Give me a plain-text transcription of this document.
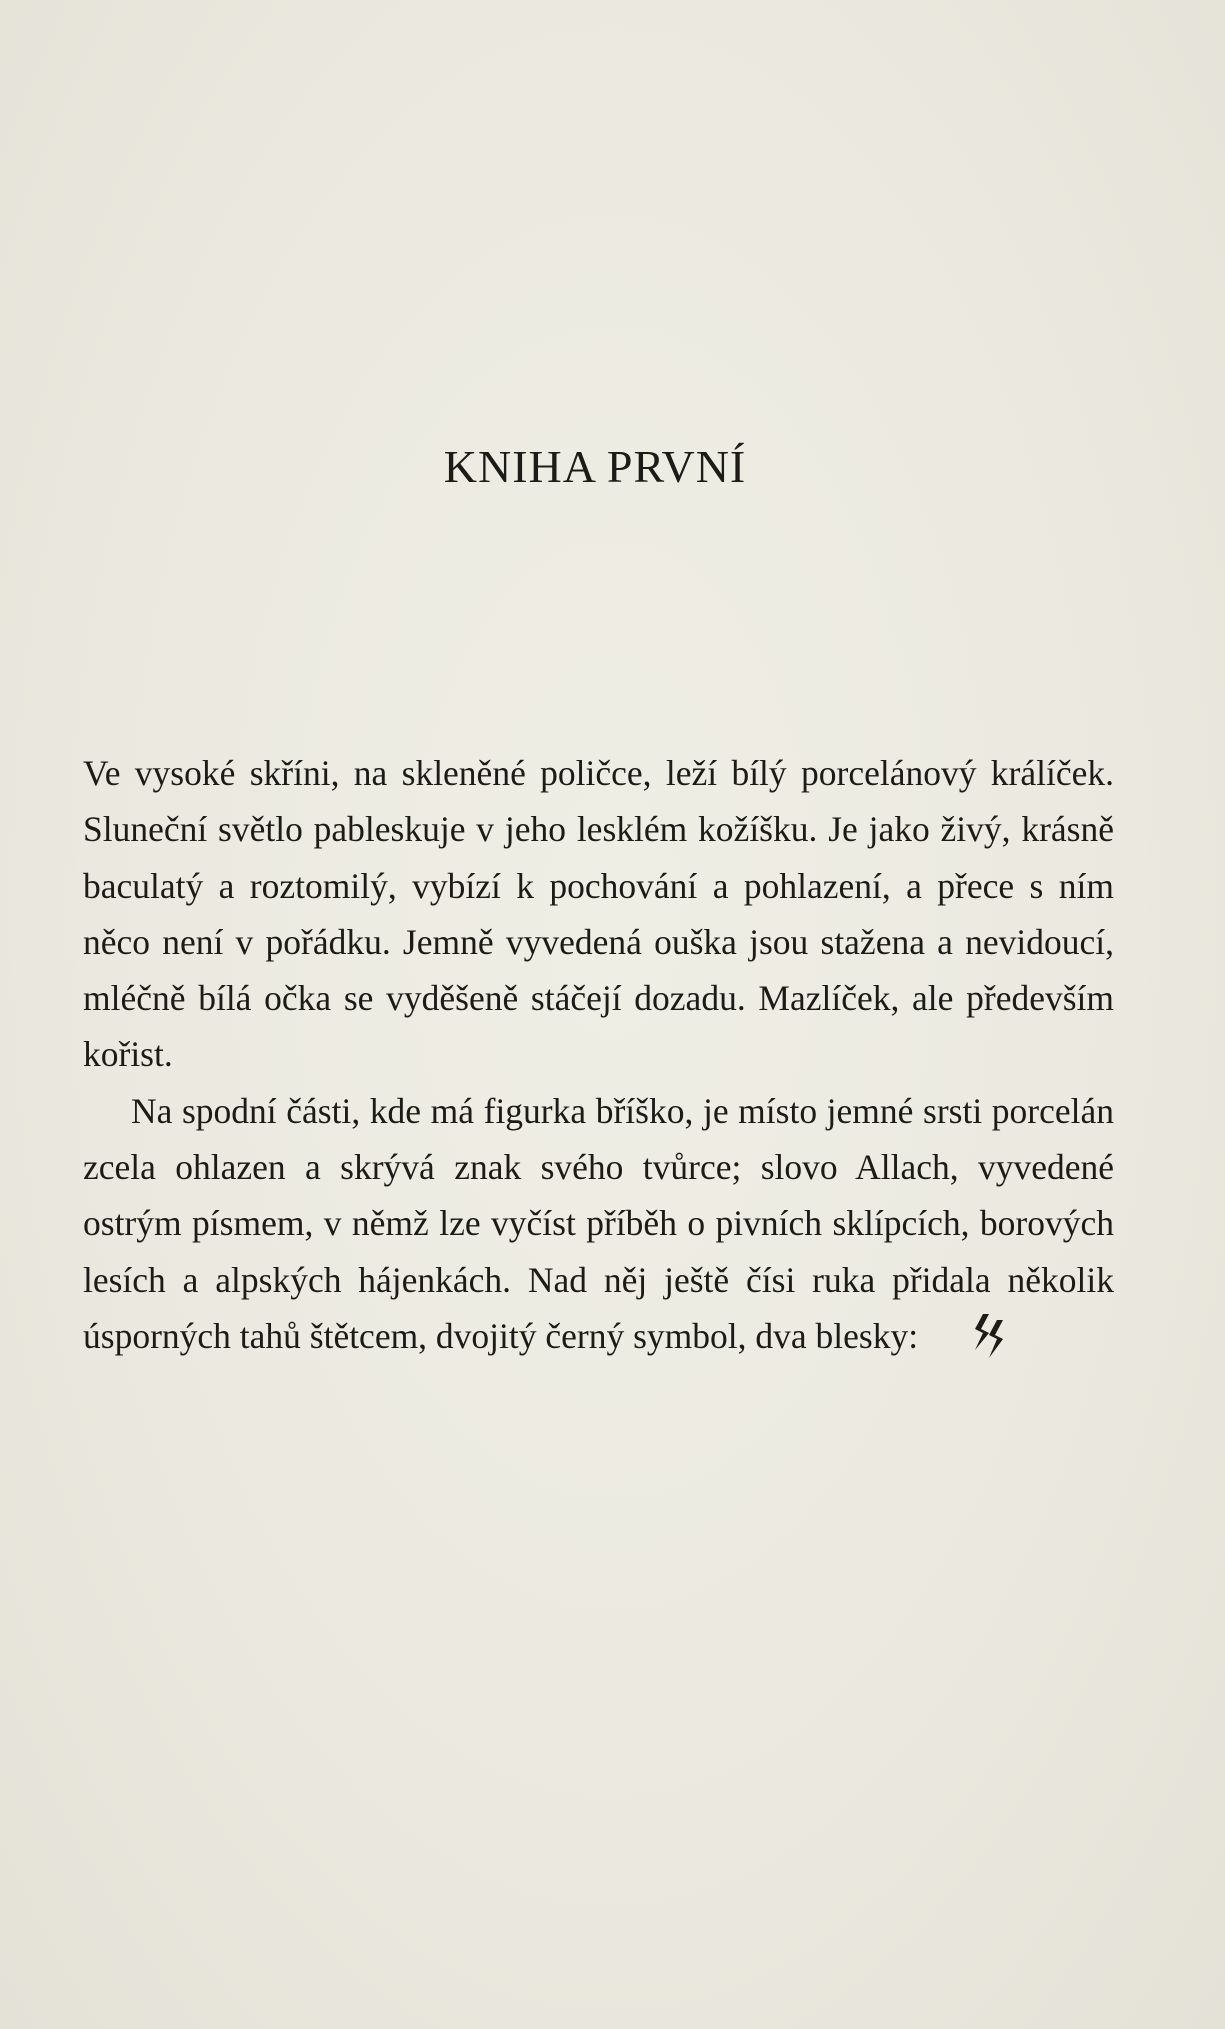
KNIHA PRVNÍ

Ve vysoké skříni, na skleněné poličce, leží bílý porcelánový králíček. Sluneční světlo pableskuje v jeho lesklém kožíšku. Je jako živý, krásně baculatý a roztomilý, vybízí k pochování a pohlazení, a přece s ním něco není v pořádku. Jemně vyvedená ouška jsou stažena a nevidoucí, mléčně bílá očka se vyděšeně stáčejí dozadu. Mazlíček, ale především kořist.

Na spodní části, kde má figurka bříško, je místo jemné srsti porcelán zcela ohlazen a skrývá znak svého tvůrce; slovo Allach, vyvedené ostrým písmem, v němž lze vyčíst příběh o pivních sklípcích, borových lesích a alpských hájenkách. Nad něj ještě čísi ruka přidala několik úsporných tahů štětcem, dvojitý černý symbol, dva blesky:
